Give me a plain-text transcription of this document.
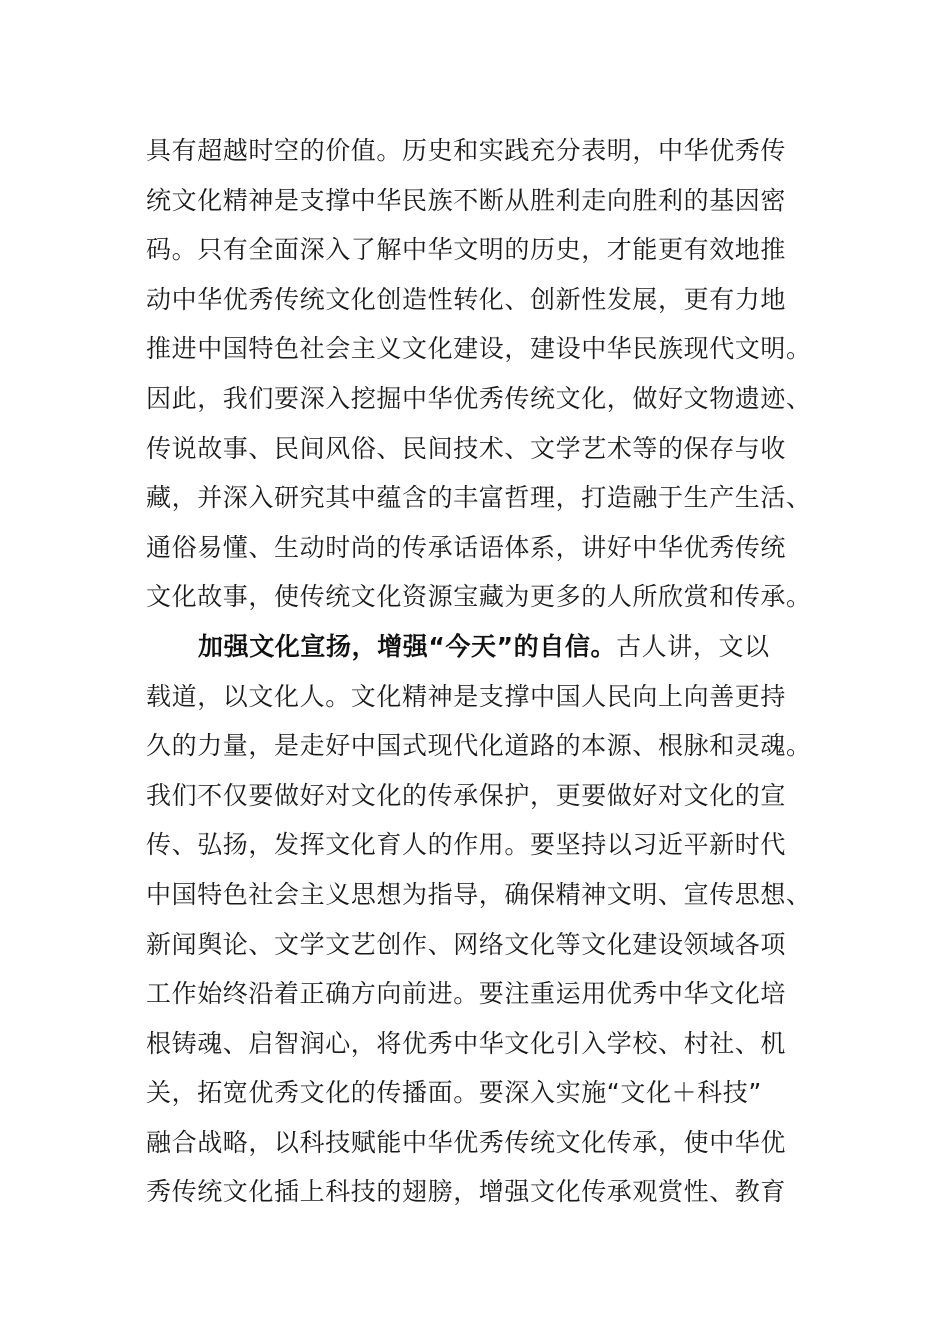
具有超越时空的价值。历史和实践充分表明，中华优秀传
统文化精神是支撑中华民族不断从胜利走向胜利的基因密
码。只有全面深入了解中华文明的历史，才能更有效地推
动中华优秀传统文化创造性转化、创新性发展，更有力地
推进中国特色社会主义文化建设，建设中华民族现代文明。
因此，我们要深入挖掘中华优秀传统文化，做好文物遗迹、
传说故事、民间风俗、民间技术、文学艺术等的保存与收
藏，并深入研究其中蕴含的丰富哲理，打造融于生产生活、
通俗易懂、生动时尚的传承话语体系，讲好中华优秀传统
文化故事，使传统文化资源宝藏为更多的人所欣赏和传承。
加强文化宣扬，增强“今天”的自信。古人讲，文以
载道，以文化人。文化精神是支撑中国人民向上向善更持
久的力量，是走好中国式现代化道路的本源、根脉和灵魂。
我们不仅要做好对文化的传承保护，更要做好对文化的宣
传、弘扬，发挥文化育人的作用。要坚持以习近平新时代
中国特色社会主义思想为指导，确保精神文明、宣传思想、
新闻舆论、文学文艺创作、网络文化等文化建设领域各项
工作始终沿着正确方向前进。要注重运用优秀中华文化培
根铸魂、启智润心，将优秀中华文化引入学校、村社、机
关，拓宽优秀文化的传播面。要深入实施“文化＋科技”
融合战略，以科技赋能中华优秀传统文化传承，使中华优
秀传统文化插上科技的翅膀，增强文化传承观赏性、教育
